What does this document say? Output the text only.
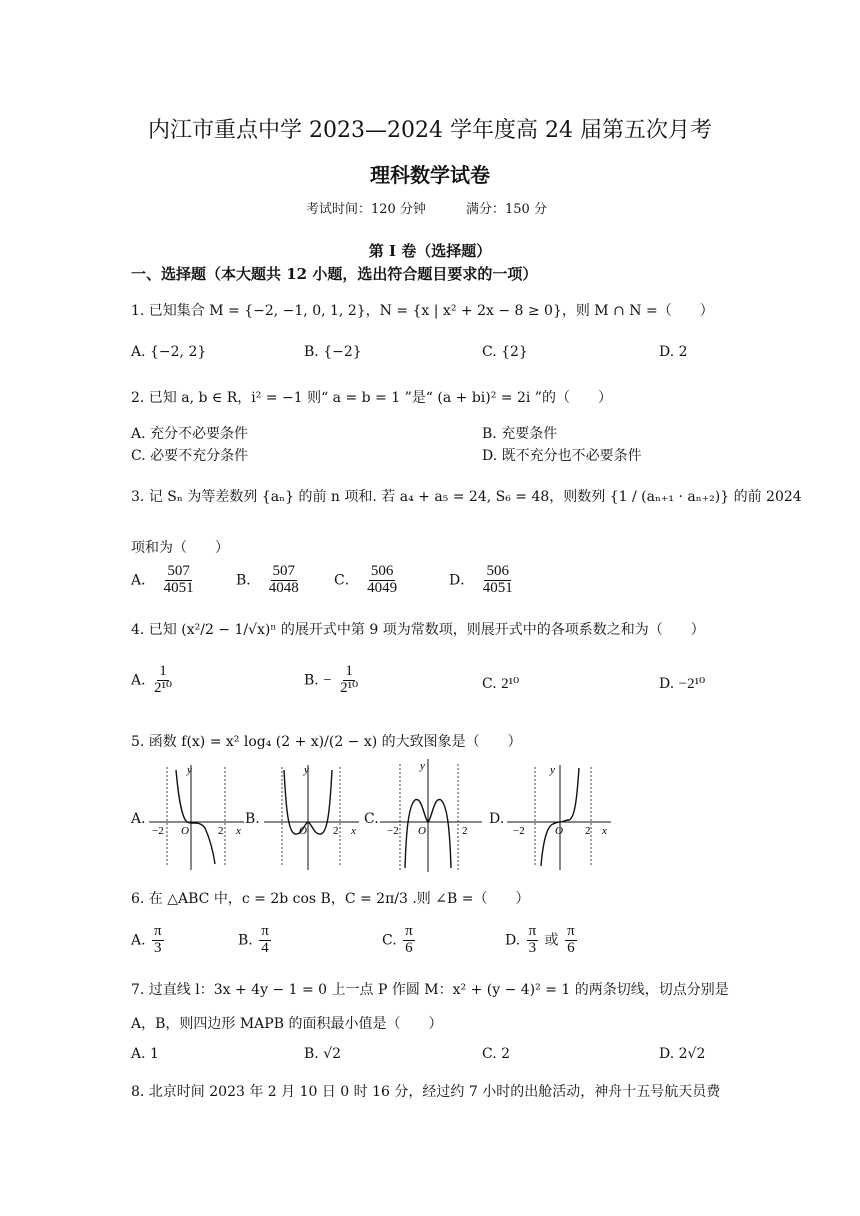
内江市重点中学 2023—2024 学年度高 24 届第五次月考
理科数学试卷
考试时间：120 分钟	满分：150 分
第 I 卷（选择题）
一、选择题（本大题共 12 小题，选出符合题目要求的一项）
1. 已知集合 M = {−2, −1, 0, 1, 2}，N = {x | x² + 2x − 8 ≥ 0}，则 M ∩ N =（　　）
A. {−2, 2}	B. {−2}	C. {2}	D. 2
2. 已知 a, b ∈ R，i² = −1 则“ a = b = 1 ”是“ (a + bi)² = 2i ”的（　　）
A. 充分不必要条件	B. 充要条件
C. 必要不充分条件	D. 既不充分也不必要条件
3. 记 Sₙ 为等差数列 {aₙ} 的前 n 项和. 若 a₄ + a₅ = 24, S₆ = 48，则数列 {1 / (aₙ₊₁ · aₙ₊₂)} 的前 2024
项和为（　　）
A． $\frac{507}{4051}$	B． $\frac{507}{4048}$ C． $\frac{506}{4049}$	D． $\frac{506}{4051}$
4. 已知 (x²/2 − 1/√x)ⁿ 的展开式中第 9 项为常数项，则展开式中的各项系数之和为（　　）
A. $\frac{1}{\text{2¹⁰}}$	B. − $\frac{1}{\text{2¹⁰}}$	C. 2¹⁰	D. −2¹⁰
5. 函数 f(x) = x² log₄ (2 + x)/(2 − x) 的大致图象是（　　）
A.	B.	C.	D.
y
−2 O	2 x
y
O 2 x
y
−2 O	2
y
−2	O 2 x
6. 在 △ABC 中，c = 2b cos B，C = 2π/3 .则 ∠B =（　　）
A. $\frac{\pi}{3}$	B. $\frac{\pi}{4}$	C. $\frac{\pi}{6}$	D. $\frac{\pi}{3}$ 或 $\frac{\pi}{6}$
7. 过直线 l：3x + 4y − 1 = 0 上一点 P 作圆 M：x² + (y − 4)² = 1 的两条切线，切点分别是
A，B，则四边形 MAPB 的面积最小值是（　　）
A. 1	B. √2	C. 2	D. 2√2
8. 北京时间 2023 年 2 月 10 日 0 时 16 分，经过约 7 小时的出舱活动，神舟十五号航天员费
